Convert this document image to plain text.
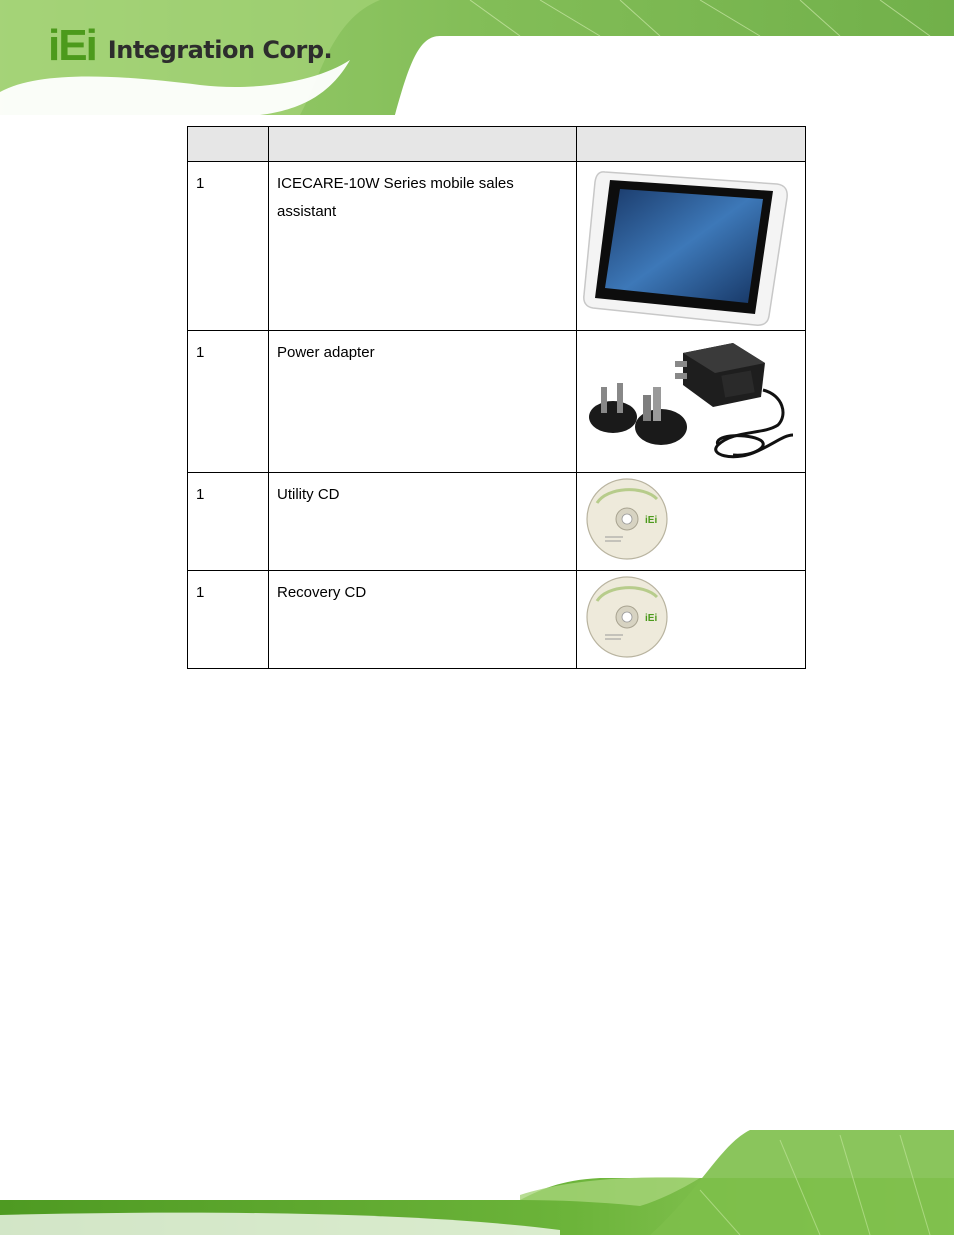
iEi Integration Corp.

1	ICECARE-10W Series mobile sales assistant	

1	Power adapter	

1	Utility CD	iEi

1	Recovery CD	iEi
